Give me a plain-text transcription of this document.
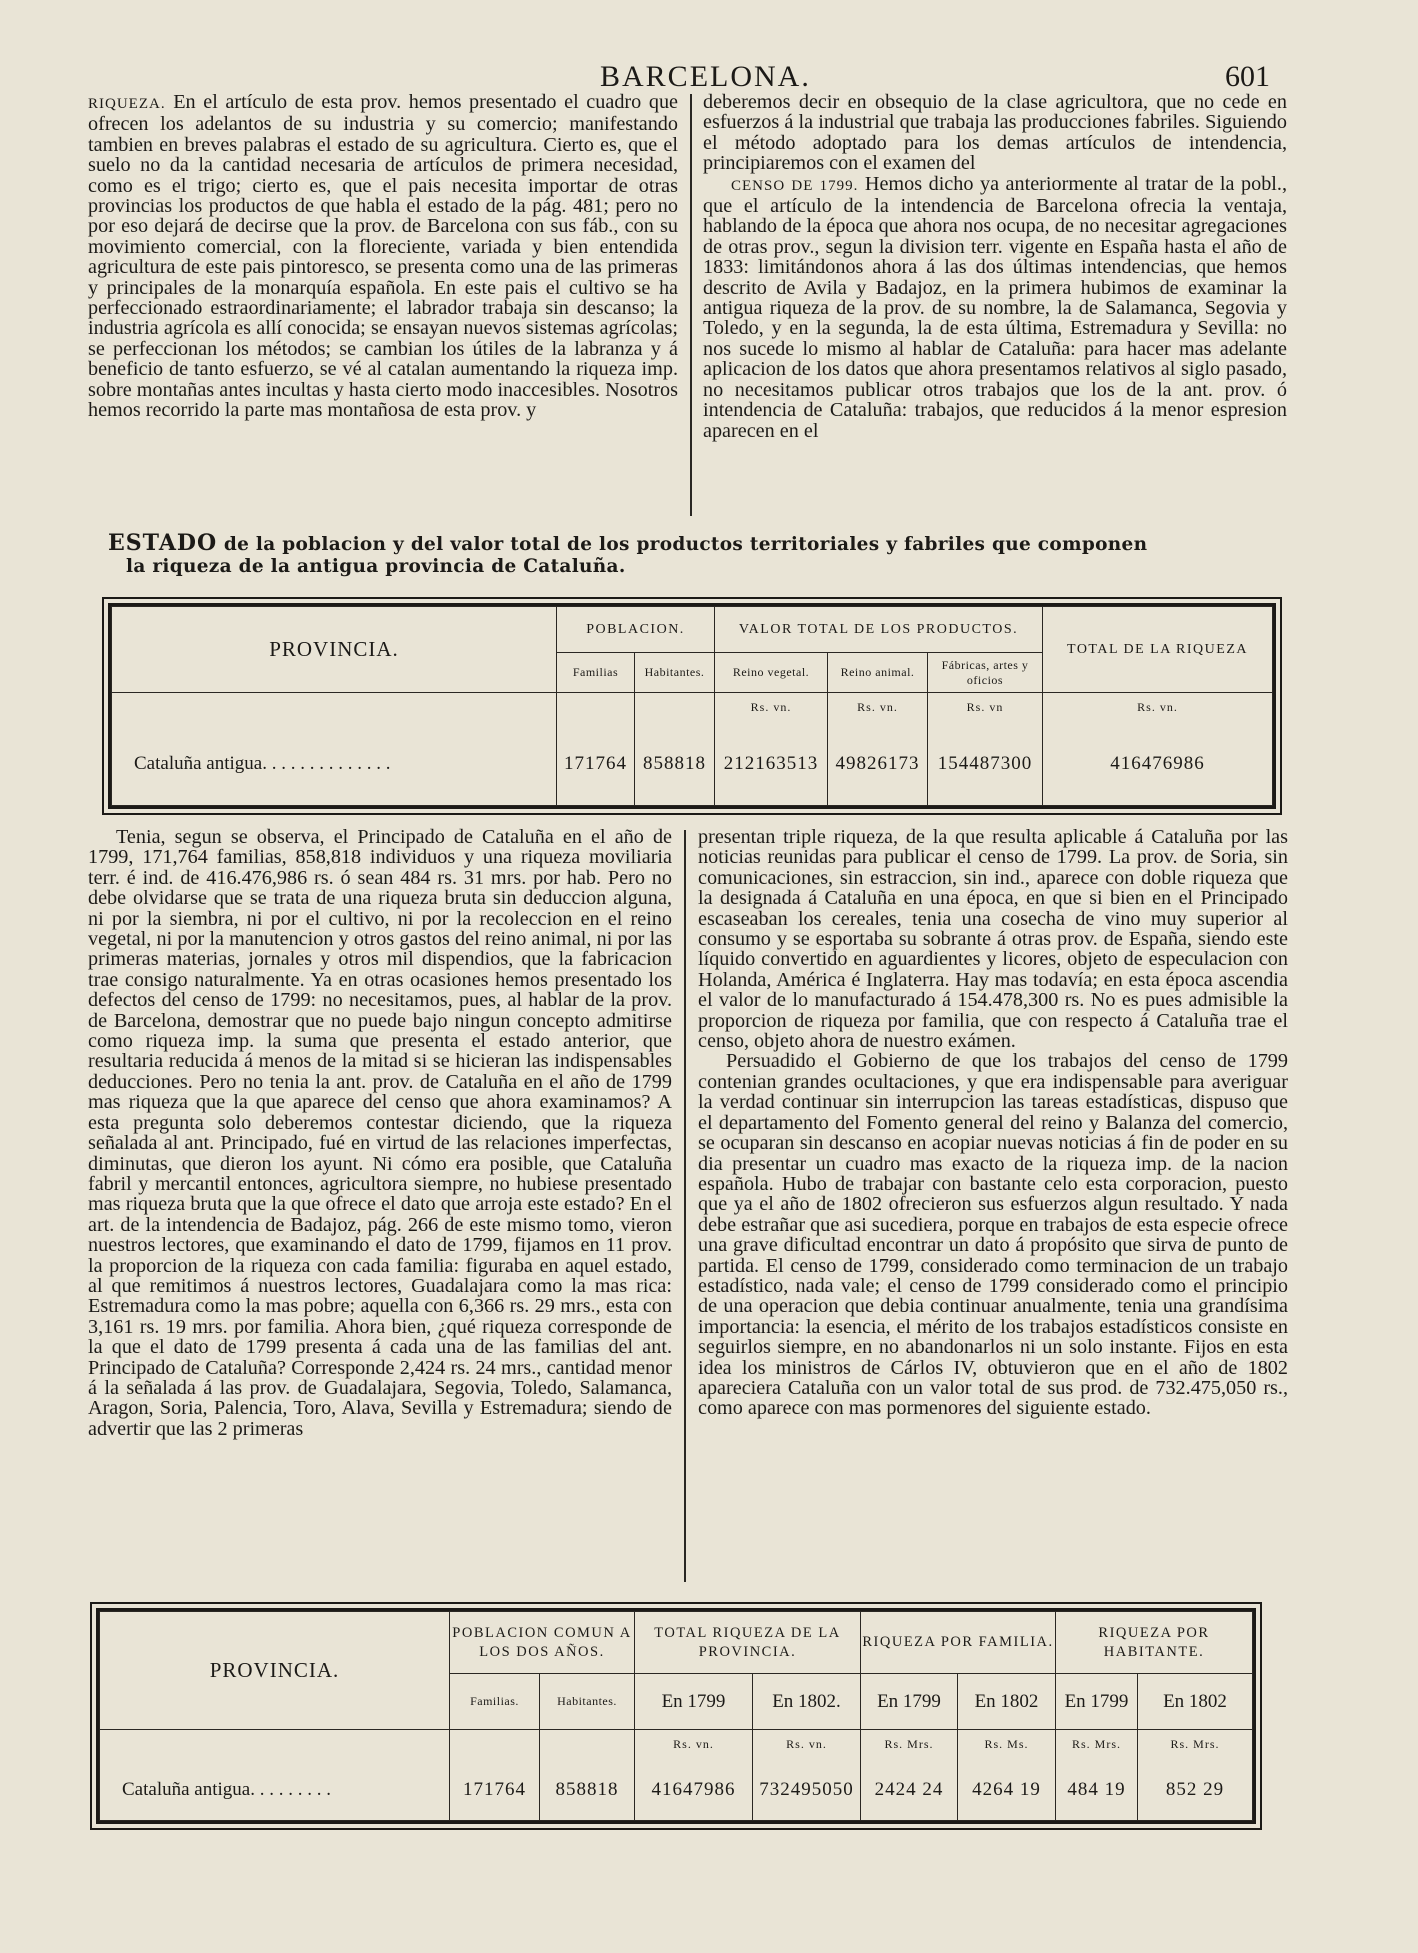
BARCELONA.	601

RIQUEZA. En el artículo de esta prov. hemos presentado el cuadro que ofrecen los adelantos de su industria y su comercio; manifestando tambien en breves palabras el estado de su agricultura. Cierto es, que el suelo no da la cantidad necesaria de artículos de primera necesidad, como es el trigo; cierto es, que el pais necesita importar de otras provincias los productos de que habla el estado de la pág. 481; pero no por eso dejará de decirse que la prov. de Barcelona con sus fáb., con su movimiento comercial, con la floreciente, variada y bien entendida agricultura de este pais pintoresco, se presenta como una de las primeras y principales de la monarquía española. En este pais el cultivo se ha perfeccionado estraordinariamente; el labrador trabaja sin descanso; la industria agrícola es allí conocida; se ensayan nuevos sistemas agrícolas; se perfeccionan los métodos; se cambian los útiles de la labranza y á beneficio de tanto esfuerzo, se vé al catalan aumentando la riqueza imp. sobre montañas antes incultas y hasta cierto modo inaccesibles. Nosotros hemos recorrido la parte mas montañosa de esta prov. y

deberemos decir en obsequio de la clase agricultora, que no cede en esfuerzos á la industrial que trabaja las producciones fabriles. Siguiendo el método adoptado para los demas artículos de intendencia, principiaremos con el examen del

CENSO DE 1799. Hemos dicho ya anteriormente al tratar de la pobl., que el artículo de la intendencia de Barcelona ofrecia la ventaja, hablando de la época que ahora nos ocupa, de no necesitar agregaciones de otras prov., segun la division terr. vigente en España hasta el año de 1833: limitándonos ahora á las dos últimas intendencias, que hemos descrito de Avila y Badajoz, en la primera hubimos de examinar la antigua riqueza de la prov. de su nombre, la de Salamanca, Segovia y Toledo, y en la segunda, la de esta última, Estremadura y Sevilla: no nos sucede lo mismo al hablar de Cataluña: para hacer mas adelante aplicacion de los datos que ahora presentamos relativos al siglo pasado, no necesitamos publicar otros trabajos que los de la ant. prov. ó intendencia de Cataluña: trabajos, que reducidos á la menor espresion aparecen en el

ESTADO de la poblacion y del valor total de los productos territoriales y fabriles que componen
la riqueza de la antigua provincia de Cataluña.
PROVINCIA.	POBLACION.		VALOR TOTAL DE LOS PRODUCTOS.			TOTAL DE LA RIQUEZA
	Familias	Habitantes.	Reino vegetal.	Reino animal.	Fábricas, artes y oficios	
			Rs. vn.	Rs. vn.	Rs. vn	Rs. vn.
Cataluña antigua. . . . . . . . . . . . . .	171764	858818	212163513	49826173	154487300	416476986

Tenia, segun se observa, el Principado de Cataluña en el año de 1799, 171,764 familias, 858,818 individuos y una riqueza moviliaria terr. é ind. de 416.476,986 rs. ó sean 484 rs. 31 mrs. por hab. Pero no debe olvidarse que se trata de una riqueza bruta sin deduccion alguna, ni por la siembra, ni por el cultivo, ni por la recoleccion en el reino vegetal, ni por la manutencion y otros gastos del reino animal, ni por las primeras materias, jornales y otros mil dispendios, que la fabricacion trae consigo naturalmente. Ya en otras ocasiones hemos presentado los defectos del censo de 1799: no necesitamos, pues, al hablar de la prov. de Barcelona, demostrar que no puede bajo ningun concepto admitirse como riqueza imp. la suma que presenta el estado anterior, que resultaria reducida á menos de la mitad si se hicieran las indispensables deducciones. Pero no tenia la ant. prov. de Cataluña en el año de 1799 mas riqueza que la que aparece del censo que ahora examinamos? A esta pregunta solo deberemos contestar diciendo, que la riqueza señalada al ant. Principado, fué en virtud de las relaciones imperfectas, diminutas, que dieron los ayunt. Ni cómo era posible, que Cataluña fabril y mercantil entonces, agricultora siempre, no hubiese presentado mas riqueza bruta que la que ofrece el dato que arroja este estado? En el art. de la intendencia de Badajoz, pág. 266 de este mismo tomo, vieron nuestros lectores, que examinando el dato de 1799, fijamos en 11 prov. la proporcion de la riqueza con cada familia: figuraba en aquel estado, al que remitimos á nuestros lectores, Guadalajara como la mas rica: Estremadura como la mas pobre; aquella con 6,366 rs. 29 mrs., esta con 3,161 rs. 19 mrs. por familia. Ahora bien, ¿qué riqueza corresponde de la que el dato de 1799 presenta á cada una de las familias del ant. Principado de Cataluña? Corresponde 2,424 rs. 24 mrs., cantidad menor á la señalada á las prov. de Guadalajara, Segovia, Toledo, Salamanca, Aragon, Soria, Palencia, Toro, Alava, Sevilla y Estremadura; siendo de advertir que las 2 primeras

presentan triple riqueza, de la que resulta aplicable á Cataluña por las noticias reunidas para publicar el censo de 1799. La prov. de Soria, sin comunicaciones, sin estraccion, sin ind., aparece con doble riqueza que la designada á Cataluña en una época, en que si bien en el Principado escaseaban los cereales, tenia una cosecha de vino muy superior al consumo y se esportaba su sobrante á otras prov. de España, siendo este líquido convertido en aguardientes y licores, objeto de especulacion con Holanda, América é Inglaterra. Hay mas todavía; en esta época ascendia el valor de lo manufacturado á 154.478,300 rs. No es pues admisible la proporcion de riqueza por familia, que con respecto á Cataluña trae el censo, objeto ahora de nuestro exámen.

Persuadido el Gobierno de que los trabajos del censo de 1799 contenian grandes ocultaciones, y que era indispensable para averiguar la verdad continuar sin interrupcion las tareas estadísticas, dispuso que el departamento del Fomento general del reino y Balanza del comercio, se ocuparan sin descanso en acopiar nuevas noticias á fin de poder en su dia presentar un cuadro mas exacto de la riqueza imp. de la nacion española. Hubo de trabajar con bastante celo esta corporacion, puesto que ya el año de 1802 ofrecieron sus esfuerzos algun resultado. Y nada debe estrañar que asi sucediera, porque en trabajos de esta especie ofrece una grave dificultad encontrar un dato á propósito que sirva de punto de partida. El censo de 1799, considerado como terminacion de un trabajo estadístico, nada vale; el censo de 1799 considerado como el principio de una operacion que debia continuar anualmente, tenia una grandísima importancia: la esencia, el mérito de los trabajos estadísticos consiste en seguirlos siempre, en no abandonarlos ni un solo instante. Fijos en esta idea los ministros de Cárlos IV, obtuvieron que en el año de 1802 apareciera Cataluña con un valor total de sus prod. de 732.475,050 rs., como aparece con mas pormenores del siguiente estado.

PROVINCIA.	POBLACION COMUN A LOS DOS AÑOS.		TOTAL RIQUEZA DE LA PROVINCIA.		RIQUEZA POR FAMILIA.		RIQUEZA POR HABITANTE.	
	Familias.	Habitantes.	En 1799	En 1802.	En 1799	En 1802	En 1799	En 1802
			Rs. vn.	Rs. vn.	Rs. Mrs.	Rs. Ms.	Rs. Mrs.	Rs. Mrs.
Cataluña antigua. . . . . . . . .	171764	858818	41647986	732495050	2424 24	4264 19	484 19	852 29
